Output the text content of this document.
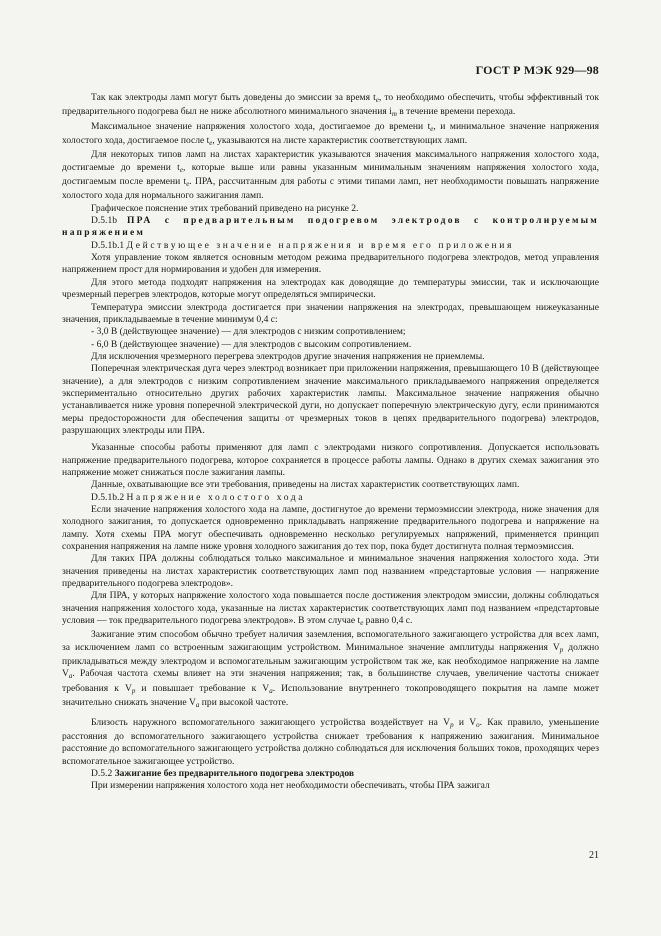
ГОСТ Р МЭК 929—98

Так как электроды ламп могут быть доведены до эмиссии за время $t_e$, то необходимо обеспечить, чтобы эффективный ток предварительного подогрева был не ниже абсолютного минимального значения $i_m$ в течение времени перехода.

Максимальное значение напряжения холостого хода, достигаемое до времени $t_e$, и минимальное значение напряжения холостого хода, достигаемое после $t_e$, указываются на листе характеристик соответствующих ламп.

Для некоторых типов ламп на листах характеристик указываются значения максимального напряжения холостого хода, достигаемые до времени $t_e$, которые выше или равны указанным минимальным значениям напряжения холостого хода, достигаемым после времени $t_e$. ПРА, рассчитанным для работы с этими типами ламп, нет необходимости повышать напряжение холостого хода для нормального зажигания ламп.

Графическое пояснение этих требований приведено на рисунке 2.

D.5.1b ПРА с предварительным подогревом электродов с контролируемым напряжением

D.5.1b.1 Действующее значение напряжения и время его приложения

Хотя управление током является основным методом режима предварительного подогрева электродов, метод управления напряжением прост для нормирования и удобен для измерения.

Для этого метода подходят напряжения на электродах как доводящие до температуры эмиссии, так и исключающие чрезмерный перегрев электродов, которые могут определяться эмпирически.

Температура эмиссии электрода достигается при значении напряжения на электродах, превышающем нижеуказанные значения, прикладываемые в течение минимум 0,4 с:

- 3,0 В (действующее значение) — для электродов с низким сопротивлением;

- 6,0 В (действующее значение) — для электродов с высоким сопротивлением.

Для исключения чрезмерного перегрева электродов другие значения напряжения не приемлемы.

Поперечная электрическая дуга через электрод возникает при приложении напряжения, превышающего 10 В (действующее значение), а для электродов с низким сопротивлением значение максимального прикладываемого напряжения определяется экспериментально относительно других рабочих характеристик лампы. Максимальное значение напряжения обычно устанавливается ниже уровня поперечной электрической дуги, но допускает поперечную электрическую дугу, если принимаются меры предосторожности для обеспечения защиты от чрезмерных токов в цепях предварительного подогрева) электродов, разрушающих электроды или ПРА.

Указанные способы работы применяют для ламп с электродами низкого сопротивления. Допускается использовать напряжение предварительного подогрева, которое сохраняется в процессе работы лампы. Однако в других схемах зажигания это напряжение может снижаться после зажигания лампы.

Данные, охватывающие все эти требования, приведены на листах характеристик соответствующих ламп.

D.5.1b.2 Напряжение холостого хода

Если значение напряжения холостого хода на лампе, достигнутое до времени термоэмиссии электрода, ниже значения для холодного зажигания, то допускается одновременно прикладывать напряжение предварительного подогрева и напряжение на лампу. Хотя схемы ПРА могут обеспечивать одновременно несколько регулируемых напряжений, применяется принцип сохранения напряжения на лампе ниже уровня холодного зажигания до тех пор, пока будет достигнута полная термоэмиссия.

Для таких ПРА должны соблюдаться только максимальное и минимальное значения напряжения холостого хода. Эти значения приведены на листах характеристик соответствующих ламп под названием «предстартовые условия — напряжение предварительного подогрева электродов».

Для ПРА, у которых напряжение холостого хода повышается после достижения электродом эмиссии, должны соблюдаться значения напряжения холостого хода, указанные на листах характеристик соответствующих ламп под названием «предстартовые условия — ток предварительного подогрева электродов». В этом случае $t_e$ равно 0,4 с.

Зажигание этим способом обычно требует наличия заземления, вспомогательного зажигающего устройства для всех ламп, за исключением ламп со встроенным зажигающим устройством. Минимальное значение амплитуды напряжения $V_p$ должно прикладываться между электродом и вспомогательным зажигающим устройством так же, как необходимое напряжение на лампе $V_a$. Рабочая частота схемы влияет на эти значения напряжения; так, в большинстве случаев, увеличение частоты снижает требования к $V_p$ и повышает требование к $V_a$. Использование внутреннего токопроводящего покрытия на лампе может значительно снижать значение $V_a$ при высокой частоте.

Близость наружного вспомогательного зажигающего устройства воздействует на $V_p$ и $V_o$. Как правило, уменьшение расстояния до вспомогательного зажигающего устройства снижает требования к напряжению зажигания. Минимальное расстояние до вспомогательного зажигающего устройства должно соблюдаться для исключения больших токов, проходящих через вспомогательное зажигающее устройство.

D.5.2 Зажигание без предварительного подогрева электродов

При измерении напряжения холостого хода нет необходимости обеспечивать, чтобы ПРА зажигал

21
